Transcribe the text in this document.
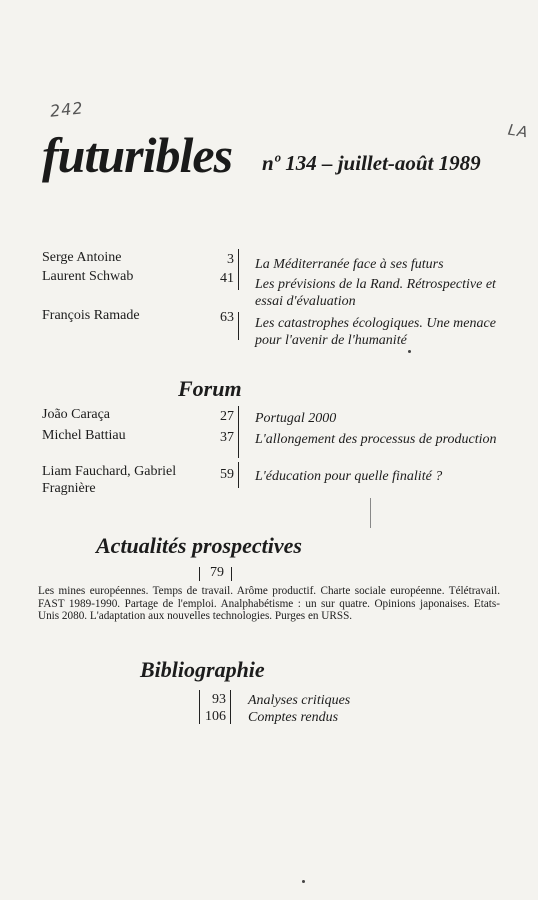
242
LA
futuribles nº 134 – juillet-août 1989
Serge Antoine	3 La Méditerranée face à ses futurs
Laurent Schwab	41 Les prévisions de la Rand. Rétrospective et essai d'évaluation
François Ramade	63 Les catastrophes écologiques. Une menace pour l'avenir de l'humanité
Forum
João Caraça	27 Portugal 2000
Michel Battiau	37 L'allongement des processus de production
Liam Fauchard, Gabriel Fragnière
59 L'éducation pour quelle finalité ?
Actualités prospectives
79
Les mines européennes. Temps de travail. Arôme productif. Charte sociale européenne. Télétravail. FAST 1989-1990. Partage de l'emploi. Analphabétisme : un sur quatre. Opinions japonaises. Etats-Unis 2080. L'adaptation aux nouvelles technologies. Purges en URSS.
Bibliographie
93 Analyses critiques
106 Comptes rendus
